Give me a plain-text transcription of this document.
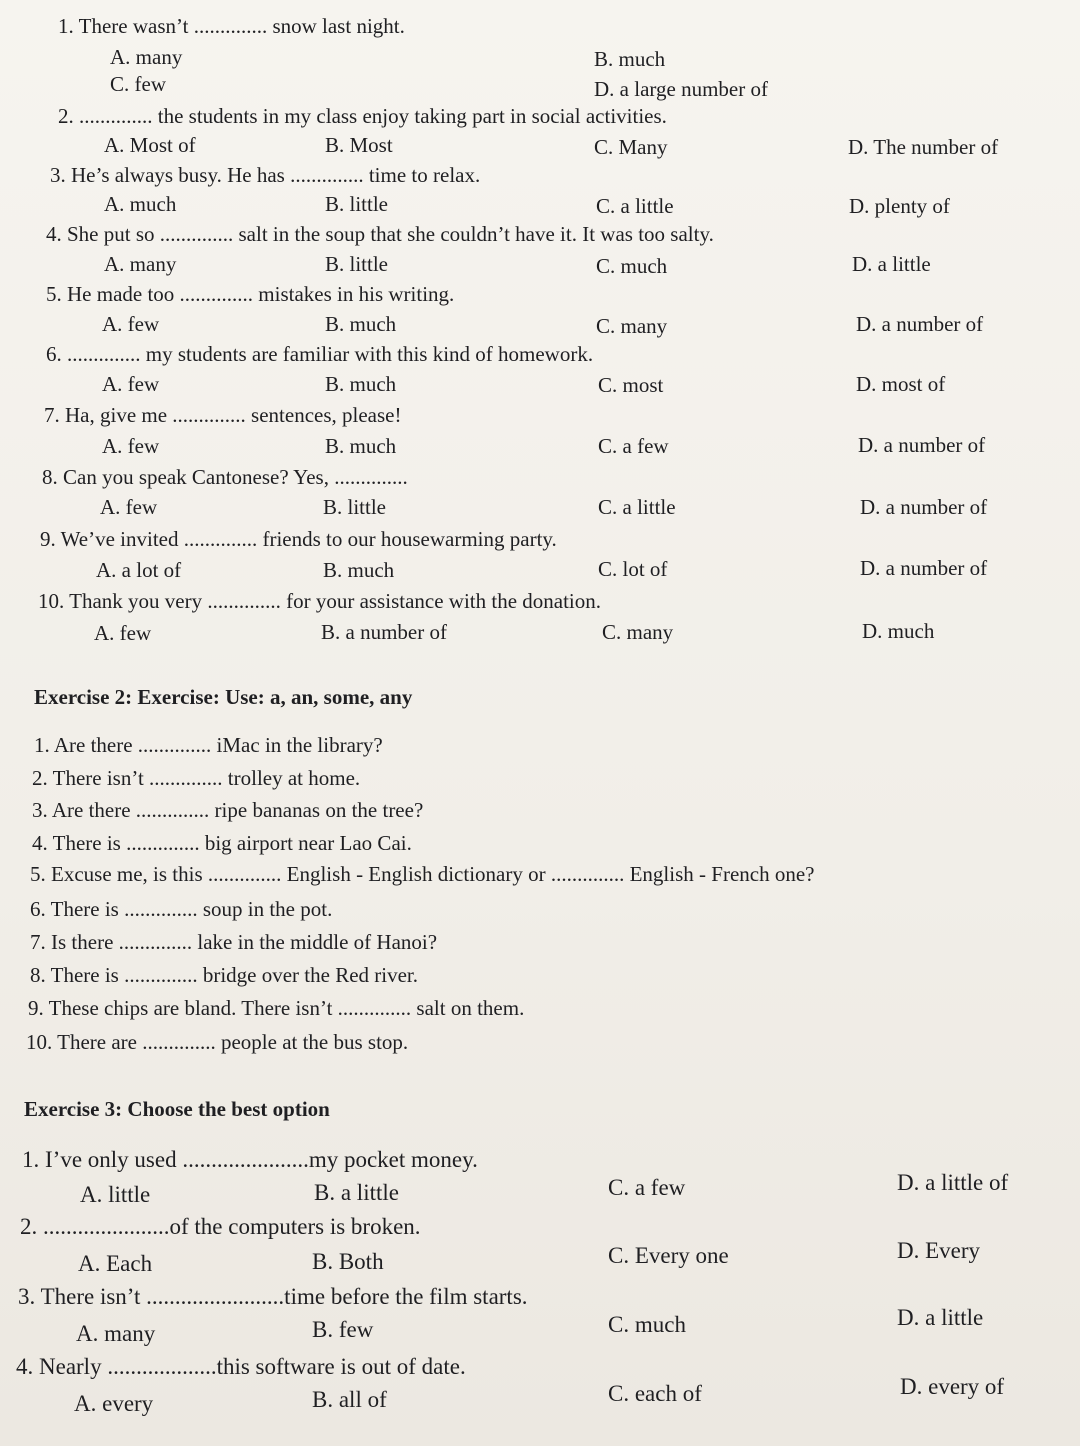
1. There wasn’t .............. snow last night.
A. many	B. much
C. few	D. a large number of
2. .............. the students in my class enjoy taking part in social activities.
A. Most of	B. Most	C. Many	D. The number of
3. He’s always busy. He has .............. time to relax.
A. much	B. little	C. a little	D. plenty of
4. She put so .............. salt in the soup that she couldn’t have it. It was too salty.
A. many	B. little	C. much	D. a little
5. He made too .............. mistakes in his writing.
A. few	B. much	C. many	D. a number of
6. .............. my students are familiar with this kind of homework.
A. few	B. much	C. most	D. most of
7. Ha, give me .............. sentences, please!
A. few	B. much	C. a few	D. a number of
8. Can you speak Cantonese? Yes, ..............
A. few	B. little	C. a little	D. a number of
9. We’ve invited .............. friends to our housewarming party.
A. a lot of	B. much	C. lot of	D. a number of
10. Thank you very .............. for your assistance with the donation.
A. few	B. a number of	C. many	D. much
Exercise 2: Exercise: Use: a, an, some, any
1. Are there .............. iMac in the library?
2. There isn’t .............. trolley at home.
3. Are there .............. ripe bananas on the tree?
4. There is .............. big airport near Lao Cai.
5. Excuse me, is this .............. English - English dictionary or .............. English - French one?
6. There is .............. soup in the pot.
7. Is there .............. lake in the middle of Hanoi?
8. There is .............. bridge over the Red river.
9. These chips are bland. There isn’t .............. salt on them.
10. There are .............. people at the bus stop.
Exercise 3: Choose the best option
1. I’ve only used ......................my pocket money.
A. little	B. a little	C. a few	D. a little of
2. ......................of the computers is broken.
A. Each	B. Both	C. Every one	D. Every
3. There isn’t ........................time before the film starts.
A. many	B. few	C. much	D. a little
4. Nearly ...................this software is out of date.
A. every	B. all of	C. each of	D. every of
